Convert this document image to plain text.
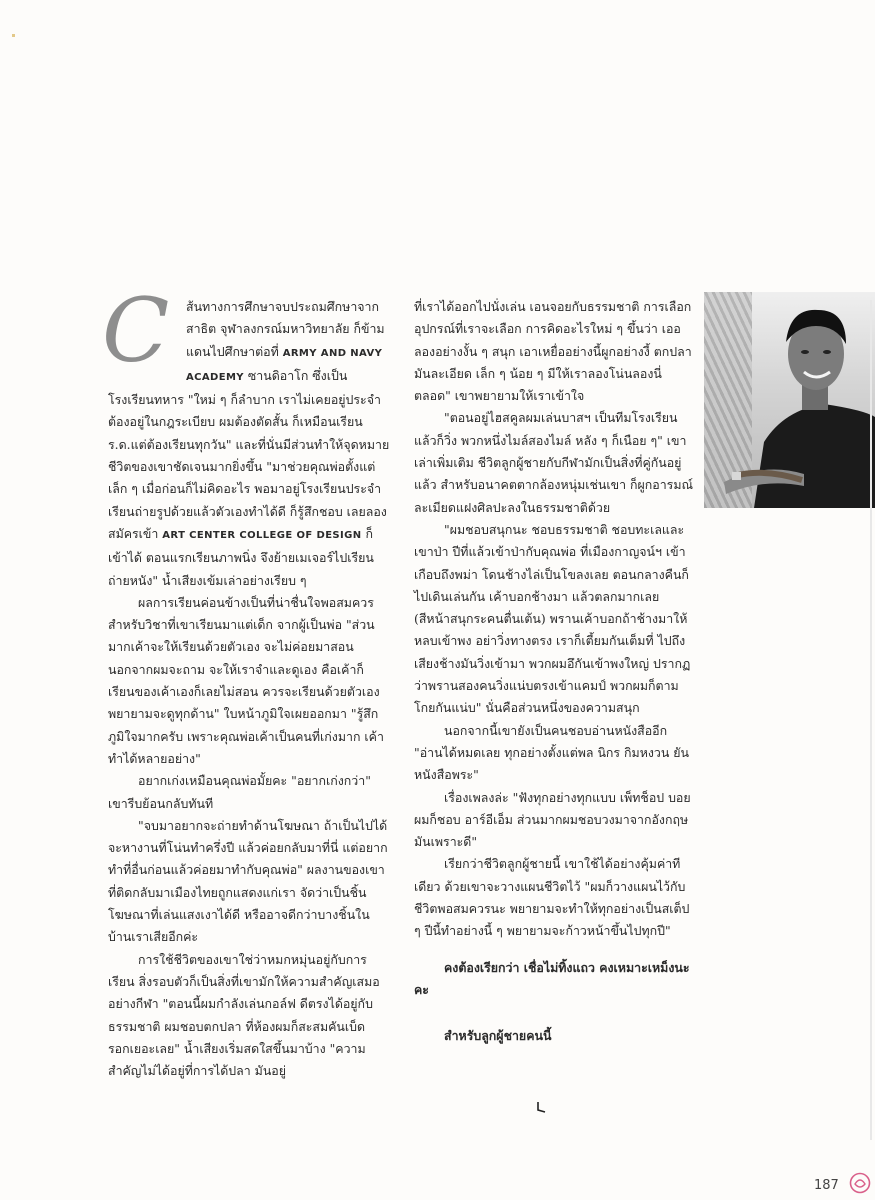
C	ส้นทางการศึกษาจบประถมศึกษาจากสาธิต จุฬาลงกรณ์มหาวิทยาลัย ก็ข้ามแดนไปศึกษาต่อที่ ARMY AND NAVY ACADEMY ซานดิอาโก ซึ่งเป็นโรงเรียนทหาร "ใหม่ ๆ ก็ลำบาก เราไม่เคยอยู่ประจำ ต้องอยู่ในกฎระเบียบ ผมต้องตัดสั้น ก็เหมือนเรียนร.ด.แต่ต้องเรียนทุกวัน" และที่นั่นมีส่วนทำให้จุดหมายชีวิตของเขาชัดเจนมากยิ่งขึ้น "มาช่วยคุณพ่อตั้งแต่เล็ก ๆ เมื่อก่อนก็ไม่คิดอะไร พอมาอยู่โรงเรียนประจำ เรียนถ่ายรูปด้วยแล้วตัวเองทำได้ดี ก็รู้สึกชอบ เลยลองสมัครเข้า ART CENTER COLLEGE OF DESIGN ก็เข้าได้ ตอนแรกเรียนภาพนิ่ง จึงย้ายเมเจอร์ไปเรียนถ่ายหนัง" น้ำเสียงเข้มเล่าอย่างเรียบ ๆ

ผลการเรียนค่อนข้างเป็นที่น่าชื่นใจพอสมควร สำหรับวิชาที่เขาเรียนมาแต่เด็ก จากผู้เป็นพ่อ "ส่วนมากเค้าจะให้เรียนด้วยตัวเอง จะไม่ค่อยมาสอน นอกจากผมจะถาม จะให้เราจำและดูเอง คือเค้าก็เรียนของเค้าเองก็เลยไม่สอน ควรจะเรียนด้วยตัวเอง พยายามจะดูทุกด้าน" ใบหน้าภูมิใจเผยออกมา "รู้สึกภูมิใจมากครับ เพราะคุณพ่อเค้าเป็นคนที่เก่งมาก เค้าทำได้หลายอย่าง"

อยากเก่งเหมือนคุณพ่อมั้ยคะ "อยากเก่งกว่า" เขารีบย้อนกลับทันที

"จบมาอยากจะถ่ายทำด้านโฆษณา ถ้าเป็นไปได้จะหางานที่โน่นทำครึ่งปี แล้วค่อยกลับมาที่นี่ แต่อยากทำที่อื่นก่อนแล้วค่อยมาทำกับคุณพ่อ" ผลงานของเขาที่ติดกลับมาเมืองไทยถูกแสดงแก่เรา จัดว่าเป็นชิ้นโฆษณาที่เล่นแสงเงาได้ดี หรืออาจดีกว่าบางชิ้นในบ้านเราเสียอีกค่ะ

การใช้ชีวิตของเขาใช่ว่าหมกหมุ่นอยู่กับการเรียน สิ่งรอบตัวก็เป็นสิ่งที่เขามักให้ความสำคัญเสมอ อย่างกีฬา "ตอนนี้ผมกำลังเล่นกอล์ฟ ดีตรงได้อยู่กับธรรมชาติ ผมชอบตกปลา ที่ห้องผมก็สะสมคันเบ็ด รอกเยอะเลย" น้ำเสียงเริ่มสดใสขึ้นมาบ้าง "ความสำคัญไม่ได้อยู่ที่การได้ปลา มันอยู่

ที่เราได้ออกไปนั่งเล่น เอนจอยกับธรรมชาติ การเลือกอุปกรณ์ที่เราจะเลือก การคิดอะไรใหม่ ๆ ขึ้นว่า เออ ลองอย่างงั้น ๆ สนุก เอาเหยื่ออย่างนี้ผูกอย่างงี้ ตกปลามันละเอียด เล็ก ๆ น้อย ๆ มีให้เราลองโน่นลองนี่ตลอด" เขาพยายามให้เราเข้าใจ

"ตอนอยู่ไฮสคูลผมเล่นบาสฯ เป็นทีมโรงเรียน แล้วก็วิ่ง พวกหนึ่งไมล์สองไมล์ หลัง ๆ ก็เนือย ๆ" เขาเล่าเพิ่มเติม ชีวิตลูกผู้ชายกับกีฬามักเป็นสิ่งที่คู่กันอยู่แล้ว สำหรับอนาคตตากล้องหนุ่มเช่นเขา ก็ผูกอารมณ์ละเมียดแฝงศิลปะลงในธรรมชาติด้วย

"ผมชอบสนุกนะ ชอบธรรมชาติ ชอบทะเลและเขาป่า ปีที่แล้วเข้าป่ากับคุณพ่อ ที่เมืองกาญจน์ฯ เข้าเกือบถึงพม่า โดนช้างไล่เป็นโขลงเลย ตอนกลางคืนก็ไปเดินเล่นกัน เค้าบอกช้างมา แล้วตลกมากเลย (สีหน้าสนุกระคนตื่นเต้น) พรานเค้าบอกถ้าช้างมาให้หลบเข้าพง อย่าวิ่งทางตรง เราก็เตี้ยมกันเต็มที่ ไปถึง เสียงช้างมันวิ่งเข้ามา พวกผมอึกันเข้าพงใหญ่ ปรากฏว่าพรานสองคนวิ่งแน่บตรงเข้าแคมป์ พวกผมก็ตาม โกยกันแน่บ" นั่นคือส่วนหนึ่งของความสนุก

นอกจากนี้เขายังเป็นคนชอบอ่านหนังสืออีก "อ่านได้หมดเลย ทุกอย่างตั้งแต่พล นิกร กิมหงวน ยันหนังสือพระ"

เรื่องเพลงล่ะ "ฟังทุกอย่างทุกแบบ เพ็ทช็อป บอยผมก็ชอบ อาร์อีเอ็ม ส่วนมากผมชอบวงมาจากอังกฤษ มันเพราะดี"

เรียกว่าชีวิตลูกผู้ชายนี้ เขาใช้ได้อย่างคุ้มค่าทีเดียว ด้วยเขาจะวางแผนชีวิตไว้ "ผมก็วางแผนไว้กับชีวิตพอสมควรนะ พยายามจะทำให้ทุกอย่างเป็นสเต็ป ๆ ปีนี้ทำอย่างนี้ ๆ พยายามจะก้าวหน้าขึ้นไปทุกปี"

คงต้องเรียกว่า เชื่อไม่ทิ้งแถว คงเหมาะเหม็งนะคะ

สำหรับลูกผู้ชายคนนี้

187
